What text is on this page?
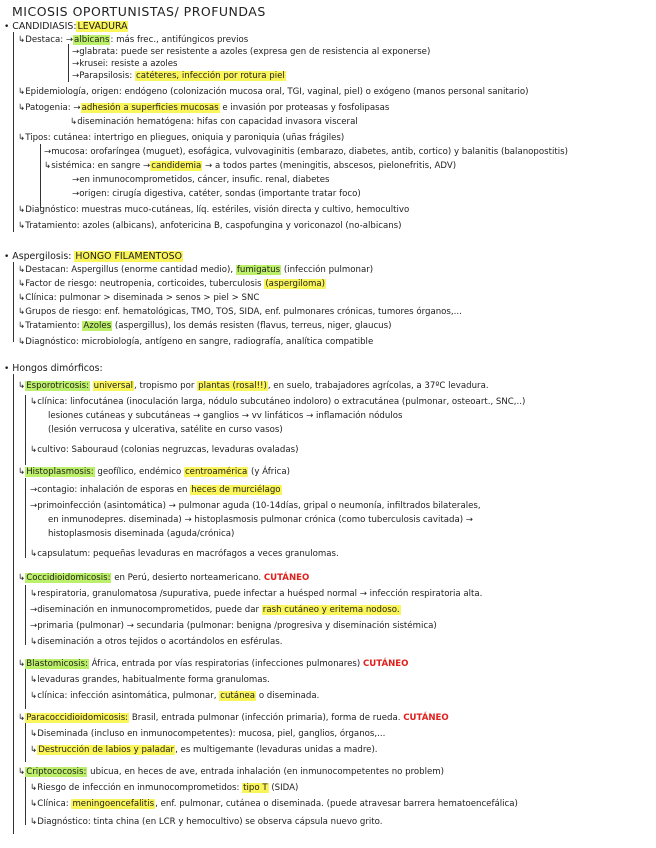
MICOSIS OPORTUNISTAS/ PROFUNDAS
• CANDIDIASIS:LEVADURA
↳Destaca: →albicans: más frec., antifúngicos previos
→glabrata: puede ser resistente a azoles (expresa gen de resistencia al exponerse)
→krusei: resiste a azoles
→Parapsilosis: catéteres, infección por rotura piel
↳Epidemiología, origen: endógeno (colonización mucosa oral, TGI, vaginal, piel) o exógeno (manos personal sanitario)
↳Patogenia: →adhesión a superficies mucosas e invasión por proteasas y fosfolipasas
↳diseminación hematógena: hifas con capacidad invasora visceral
↳Tipos: cutánea: intertrigo en pliegues, oniquia y paroniquia (uñas frágiles)
→mucosa: orofaríngea (muguet), esofágica, vulvovaginitis (embarazo, diabetes, antib, cortico) y balanitis (balanopostitis)
↳sistémica: en sangre →candidemia → a todos partes (meningitis, abscesos, pielonefritis, ADV)
→en inmunocomprometidos, cáncer, insufic. renal, diabetes
→origen: cirugía digestiva, catéter, sondas (importante tratar foco)
↳Diagnóstico: muestras muco-cutáneas, líq. estériles, visión directa y cultivo, hemocultivo
↳Tratamiento: azoles (albicans), anfotericina B, caspofungina y voriconazol (no-albicans)
• Aspergilosis: HONGO FILAMENTOSO
↳Destacan: Aspergillus (enorme cantidad medio), fumigatus (infección pulmonar)
↳Factor de riesgo: neutropenia, corticoides, tuberculosis (aspergiloma)
↳Clínica: pulmonar > diseminada > senos > piel > SNC
↳Grupos de riesgo: enf. hematológicas, TMO, TOS, SIDA, enf. pulmonares crónicas, tumores órganos,...
↳Tratamiento: Azoles (aspergillus), los demás resisten (flavus, terreus, niger, glaucus)
↳Diagnóstico: microbiología, antígeno en sangre, radiografía, analítica compatible
• Hongos dimórficos:
↳Esporotricosis: universal, tropismo por plantas (rosal!!), en suelo, trabajadores agrícolas, a 37ºC levadura.
↳clínica: linfocutánea (inoculación larga, nódulo subcutáneo indoloro) o extracutánea (pulmonar, osteoart., SNC,..)
lesiones cutáneas y subcutáneas → ganglios → vv linfáticos → inflamación nódulos
(lesión verrucosa y ulcerativa, satélite en curso vasos)
↳cultivo: Sabouraud (colonias negruzcas, levaduras ovaladas)
↳Histoplasmosis: geofílico, endémico centroamérica (y África)
→contagio: inhalación de esporas en heces de murciélago
→primoinfección (asintomática) → pulmonar aguda (10-14días, gripal o neumonía, infiltrados bilaterales,
en inmunodepres. diseminada) → histoplasmosis pulmonar crónica (como tuberculosis cavitada) →
histoplasmosis diseminada (aguda/crónica)
↳capsulatum: pequeñas levaduras en macrófagos a veces granulomas.
↳Coccidioidomicosis: en Perú, desierto norteamericano. CUTÁNEO
↳respiratoria, granulomatosa /supurativa, puede infectar a huésped normal → infección respiratoria alta.
→diseminación en inmunocomprometidos, puede dar rash cutáneo y eritema nodoso.
→primaria (pulmonar) → secundaria (pulmonar: benigna /progresiva y diseminación sistémica)
↳diseminación a otros tejidos o acortándolos en esférulas.
↳Blastomicosis: África, entrada por vías respiratorias (infecciones pulmonares) CUTÁNEO
↳levaduras grandes, habitualmente forma granulomas.
↳clínica: infección asintomática, pulmonar, cutánea o diseminada.
↳Paracoccidioidomicosis: Brasil, entrada pulmonar (infección primaria), forma de rueda. CUTÁNEO
↳Diseminada (incluso en inmunocompetentes): mucosa, piel, ganglios, órganos,...
↳Destrucción de labios y paladar, es multigemante (levaduras unidas a madre).
↳Criptococosis: ubicua, en heces de ave, entrada inhalación (en inmunocompetentes no problem)
↳Riesgo de infección en inmunocomprometidos: tipo T (SIDA)
↳Clínica: meningoencefalitis, enf. pulmonar, cutánea o diseminada. (puede atravesar barrera hematoencefálica)
↳Diagnóstico: tinta china (en LCR y hemocultivo) se observa cápsula nuevo grito.
